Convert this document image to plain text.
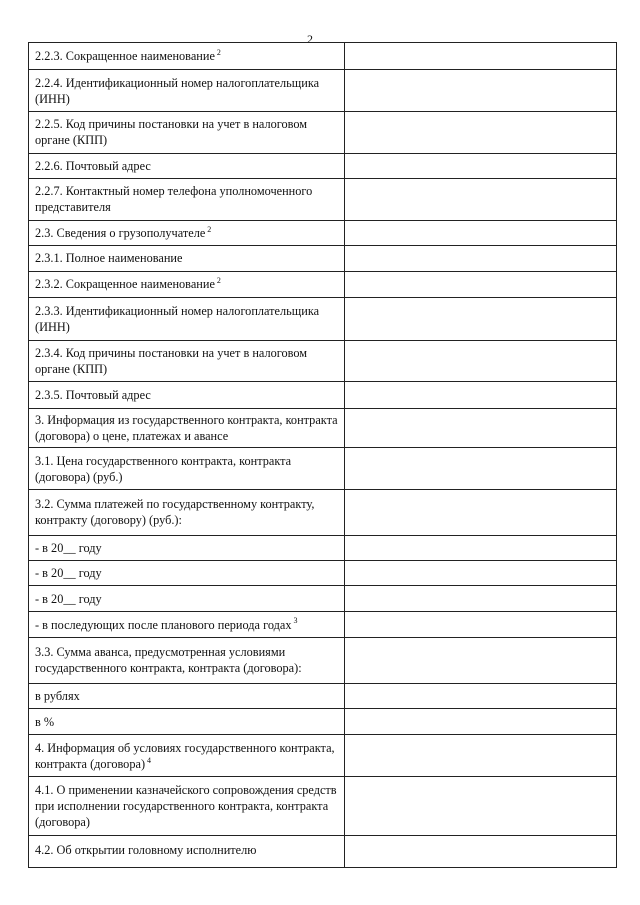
2
2.2.3. Сокращенное наименование $^2$	
2.2.4. Идентификационный номер налогоплательщика (ИНН)	
2.2.5. Код причины постановки на учет в налоговом органе (КПП)	
2.2.6. Почтовый адрес	
2.2.7. Контактный номер телефона уполномоченного представителя	
2.3. Сведения о грузополучателе $^2$	
2.3.1. Полное наименование	
2.3.2. Сокращенное наименование $^2$	
2.3.3. Идентификационный номер налогоплательщика (ИНН)	
2.3.4. Код причины постановки на учет в налоговом органе (КПП)	
2.3.5. Почтовый адрес	
3. Информация из государственного контракта, контракта (договора) о цене, платежах и авансе	
3.1. Цена государственного контракта, контракта (договора) (руб.)	
3.2. Сумма платежей по государственному контракту, контракту (договору) (руб.):	
- в 20__ году	
- в 20__ году	
- в 20__ году	
- в последующих после планового периода годах $^3$	
3.3. Сумма аванса, предусмотренная условиями государственного контракта, контракта (договора):	
в рублях	
в %	
4. Информация об условиях государственного контракта, контракта (договора) $^4$	
4.1. О применении казначейского сопровождения средств при исполнении государственного контракта, контракта (договора)	
4.2. Об открытии головному исполнителю	
